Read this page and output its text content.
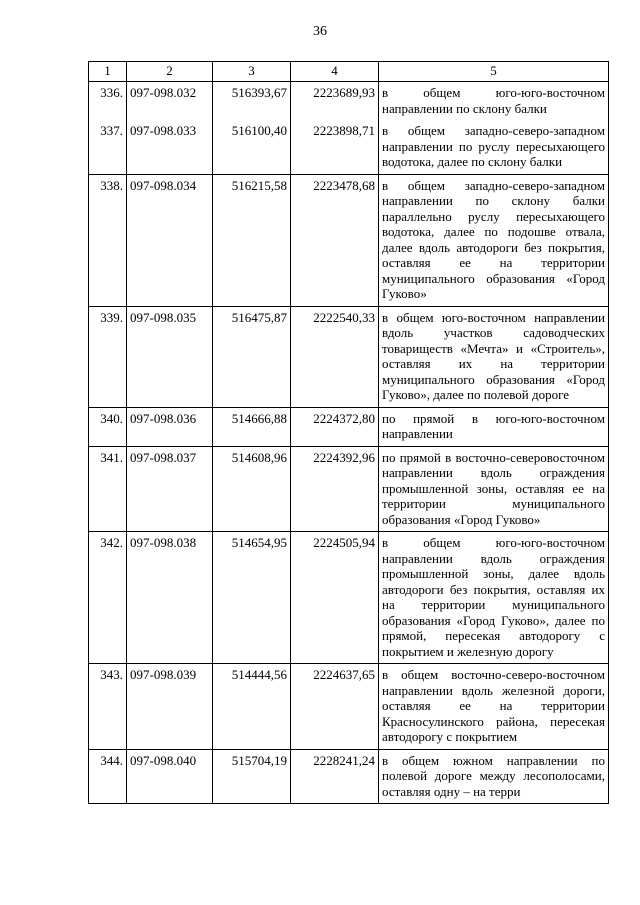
36
1	2	3	4	5
336.	097-098.032	516393,67	2223689,93	в общем юго-юго-восточном направлении по склону балки
337.	097-098.033	516100,40	2223898,71	в общем западно-северо-западном направлении по руслу пересыхающего водотока, далее по склону балки
338.	097-098.034	516215,58	2223478,68	в общем западно-северо-западном направлении по склону балки параллельно руслу пересыхающего водотока, далее по подошве отвала, далее вдоль автодороги без покрытия, оставляя ее на территории муниципального образования «Город Гуково»
339.	097-098.035	516475,87	2222540,33	в общем юго-восточном направлении вдоль участков садоводческих товариществ «Мечта» и «Строитель», оставляя их на территории муниципального образования «Город Гуково», далее по полевой дороге
340.	097-098.036	514666,88	2224372,80	по прямой в юго-юго-восточном направлении
341.	097-098.037	514608,96	2224392,96	по прямой в восточно-северовосточном направлении вдоль ограждения промышленной зоны, оставляя ее на территории муниципального образования «Город Гуково»
342.	097-098.038	514654,95	2224505,94	в общем юго-юго-восточном направлении вдоль ограждения промышленной зоны, далее вдоль автодороги без покрытия, оставляя их на территории муниципального образования «Город Гуково», далее по прямой, пересекая автодорогу с покрытием и железную дорогу
343.	097-098.039	514444,56	2224637,65	в общем восточно-северо-восточном направлении вдоль железной дороги, оставляя ее на территории Красносулинского района, пересекая автодорогу с покрытием
344.	097-098.040	515704,19	2228241,24	в общем южном направлении по полевой дороге между лесополосами, оставляя одну – на терри
